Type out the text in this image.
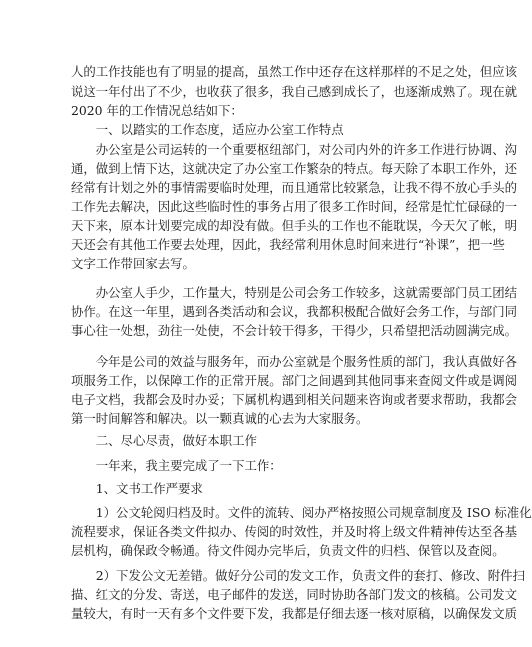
人的工作技能也有了明显的提高，虽然工作中还存在这样那样的不足之处，但应该
说这一年付出了不少，也收获了很多，我自己感到成长了，也逐渐成熟了。现在就
2020 年的工作情况总结如下：
　　一、以踏实的工作态度，适应办公室工作特点
　　办公室是公司运转的一个重要枢纽部门，对公司内外的许多工作进行协调、沟
通，做到上情下达，这就决定了办公室工作繁杂的特点。每天除了本职工作外，还
经常有计划之外的事情需要临时处理，而且通常比较紧急，让我不得不放心手头的
工作先去解决，因此这些临时性的事务占用了很多工作时间，经常是忙忙碌碌的一
天下来，原本计划要完成的却没有做。但手头的工作也不能耽误，今天欠了帐，明
天还会有其他工作要去处理，因此，我经常利用休息时间来进行“补课”，把一些
文字工作带回家去写。
　　办公室人手少，工作量大，特别是公司会务工作较多，这就需要部门员工团结
协作。在这一年里，遇到各类活动和会议，我都积极配合做好会务工作，与部门同
事心往一处想，劲往一处使，不会计较干得多，干得少，只希望把活动圆满完成。
　　今年是公司的效益与服务年，而办公室就是个服务性质的部门，我认真做好各
项服务工作，以保障工作的正常开展。部门之间遇到其他同事来查阅文件或是调阅
电子文档，我都会及时办妥；下属机构遇到相关问题来咨询或者要求帮助，我都会
第一时间解答和解决。以一颗真诚的心去为大家服务。
　　二、尽心尽责，做好本职工作
　　一年来，我主要完成了一下工作：
　　1、文书工作严要求
　　1）公文轮阅归档及时。文件的流转、阅办严格按照公司规章制度及 ISO 标准化
流程要求，保证各类文件拟办、传阅的时效性，并及时将上级文件精神传达至各基
层机构，确保政令畅通。待文件阅办完毕后，负责文件的归档、保管以及查阅。
　　2）下发公文无差错。做好分公司的发文工作，负责文件的套打、修改、附件扫
描、红文的分发、寄送，电子邮件的发送，同时协助各部门发文的核稿。公司发文
量较大，有时一天有多个文件要下发，我都是仔细去逐一核对原稿，以确保发文质
